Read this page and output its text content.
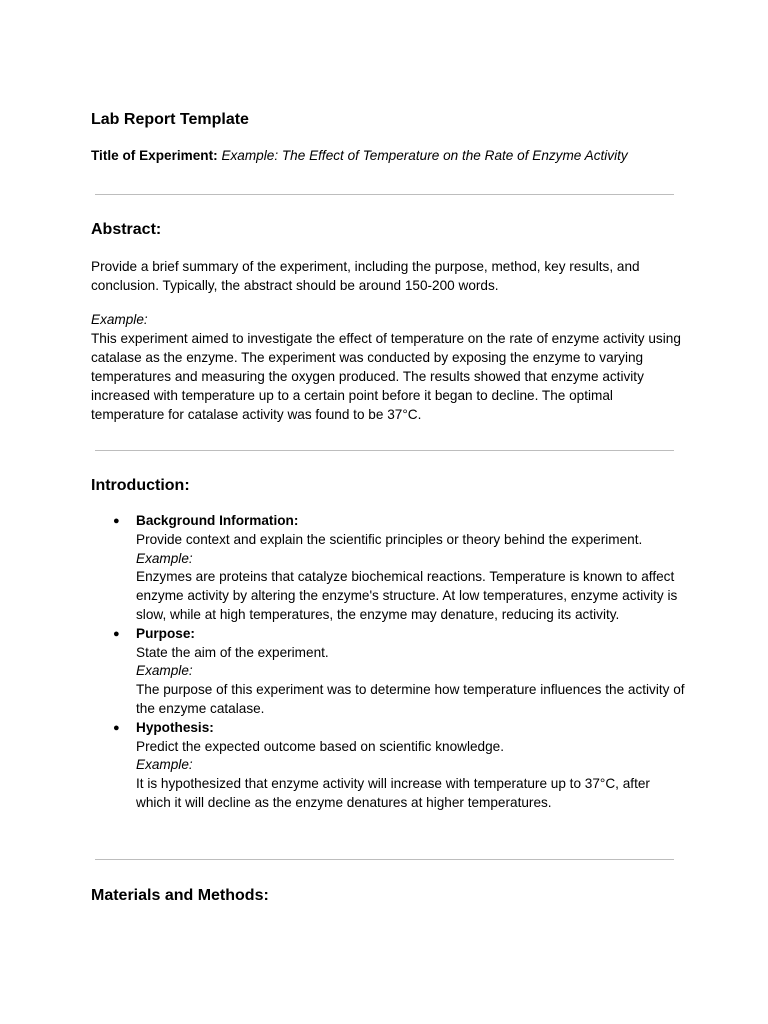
Lab Report Template

Title of Experiment: Example: The Effect of Temperature on the Rate of Enzyme Activity

Abstract:

Provide a brief summary of the experiment, including the purpose, method, key results, and conclusion. Typically, the abstract should be around 150-200 words.

Example:
This experiment aimed to investigate the effect of temperature on the rate of enzyme activity using catalase as the enzyme. The experiment was conducted by exposing the enzyme to varying temperatures and measuring the oxygen produced. The results showed that enzyme activity increased with temperature up to a certain point before it began to decline. The optimal temperature for catalase activity was found to be 37°C.
Introduction:
● Background Information:
Provide context and explain the scientific principles or theory behind the experiment.
Example:
Enzymes are proteins that catalyze biochemical reactions. Temperature is known to affect enzyme activity by altering the enzyme's structure. At low temperatures, enzyme activity is slow, while at high temperatures, the enzyme may denature, reducing its activity.
● Purpose:
State the aim of the experiment.
Example:
The purpose of this experiment was to determine how temperature influences the activity of the enzyme catalase.
● Hypothesis:
Predict the expected outcome based on scientific knowledge.
Example:
It is hypothesized that enzyme activity will increase with temperature up to 37°C, after which it will decline as the enzyme denatures at higher temperatures.
Materials and Methods:
